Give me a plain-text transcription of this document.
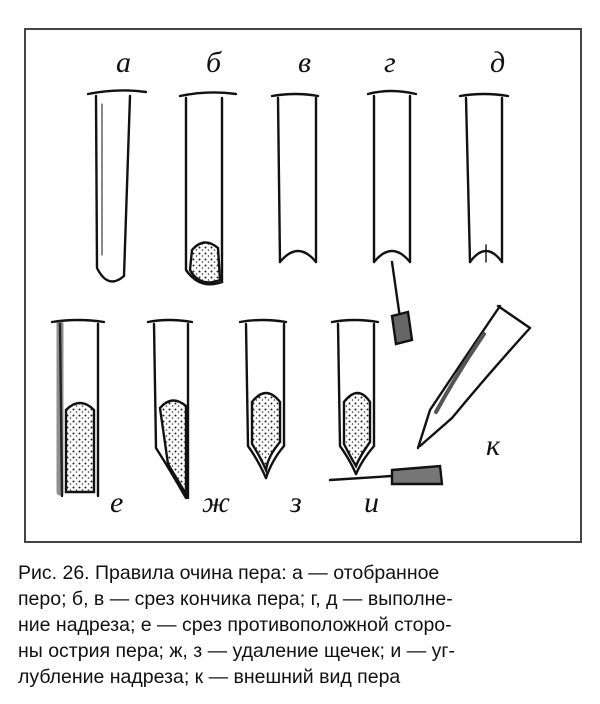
а	б	в г	д
е	ж з и
к

Рис. 26. Правила очина пера: а — отобранное
перо; б, в — срез кончика пера; г, д — выполне-
ние надреза; е — срез противоположной сторо-
ны острия пера; ж, з — удаление щечек; и — уг-
лубление надреза; к — внешний вид пера
